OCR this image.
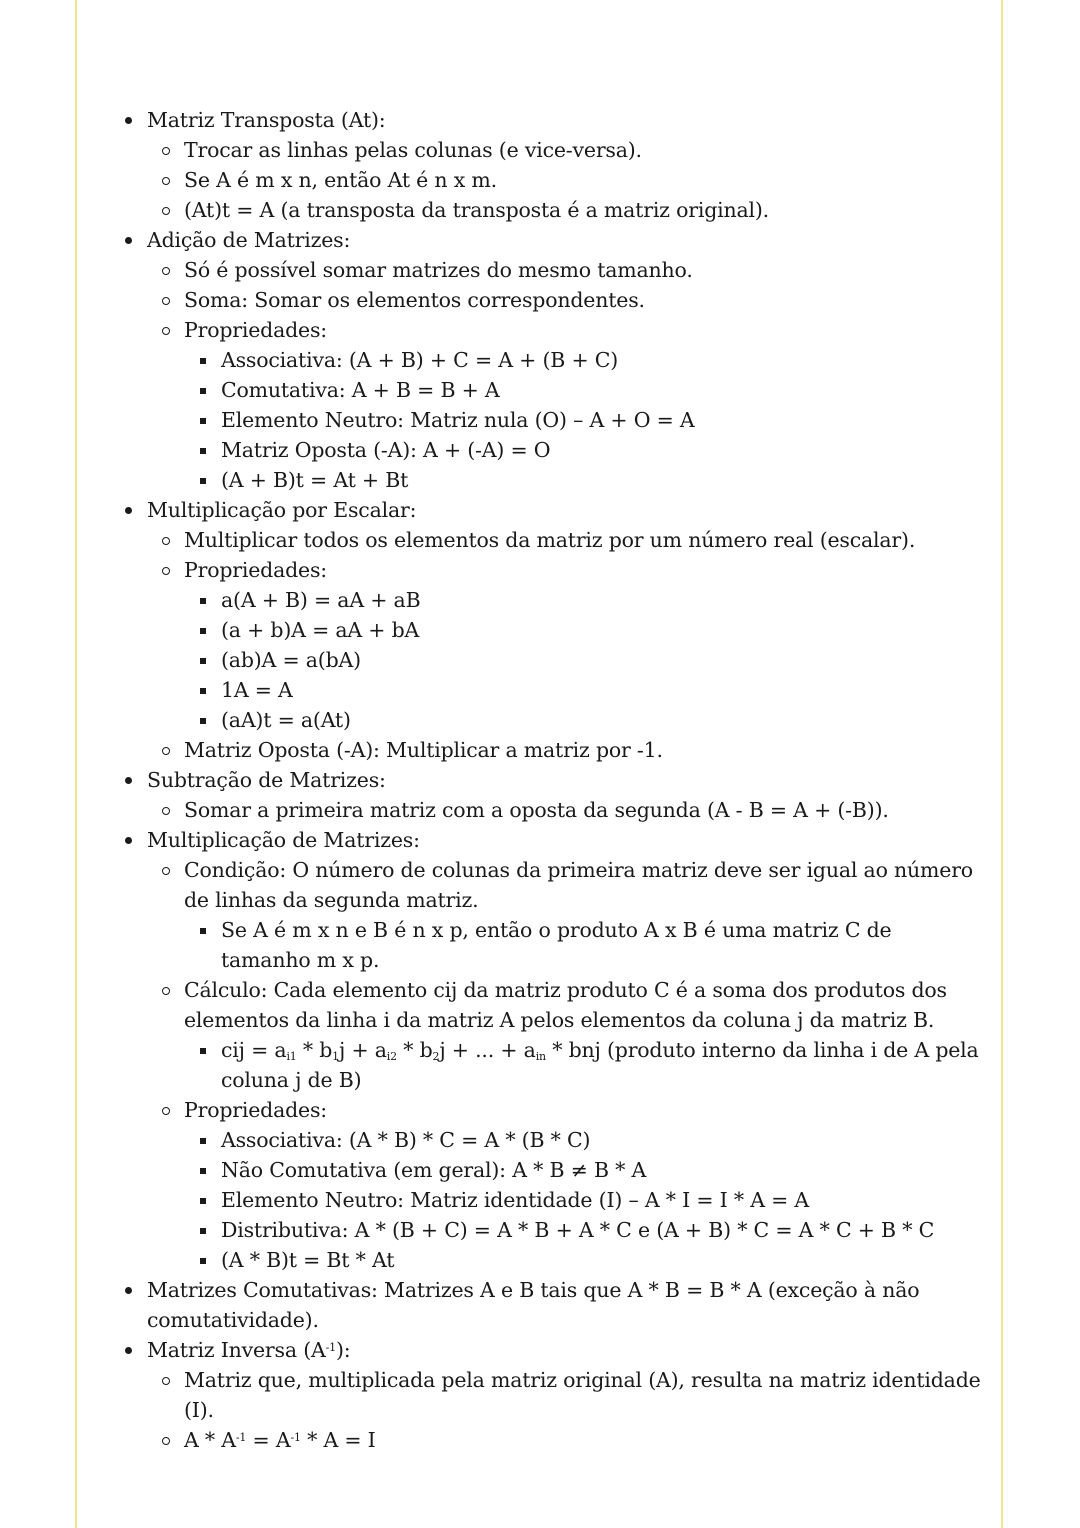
Matriz Transposta (At):
Trocar as linhas pelas colunas (e vice-versa).
Se A é m x n, então At é n x m.
(At)t = A (a transposta da transposta é a matriz original).
Adição de Matrizes:
Só é possível somar matrizes do mesmo tamanho.
Soma: Somar os elementos correspondentes.
Propriedades:
Associativa: (A + B) + C = A + (B + C)
Comutativa: A + B = B + A
Elemento Neutro: Matriz nula (O) – A + O = A
Matriz Oposta (-A): A + (-A) = O
(A + B)t = At + Bt
Multiplicação por Escalar:
Multiplicar todos os elementos da matriz por um número real (escalar).
Propriedades:
a(A + B) = aA + aB
(a + b)A = aA + bA
(ab)A = a(bA)
1A = A
(aA)t = a(At)
Matriz Oposta (-A): Multiplicar a matriz por -1.
Subtração de Matrizes:
Somar a primeira matriz com a oposta da segunda (A - B = A + (-B)).
Multiplicação de Matrizes:
Condição: O número de colunas da primeira matriz deve ser igual ao número de linhas da segunda matriz.
Se A é m x n e B é n x p, então o produto A x B é uma matriz C de tamanho m x p.
Cálculo: Cada elemento cij da matriz produto C é a soma dos produtos dos elementos da linha i da matriz A pelos elementos da coluna j da matriz B.
cij = $a_{i1} * b_1j + a_{i2} * b_2j$ + ... + $a_{in}$ * bnj (produto interno da linha i de A pela coluna j de B)
Propriedades:
Associativa: (A * B) * C = A * (B * C)
Não Comutativa (em geral): A * B ≠ B * A
Elemento Neutro: Matriz identidade (I) – A * I = I * A = A
Distributiva: A * (B + C) = A * B + A * C e (A + B) * C = A * C + B * C
(A * B)t = Bt * At
Matrizes Comutativas: Matrizes A e B tais que A * B = B * A (exceção à não comutatividade).
Matriz Inversa $(A^{-1})$:
Matriz que, multiplicada pela matriz original (A), resulta na matriz identidade (I).
$A * A^{-1} = A^{-1} * A = I$
